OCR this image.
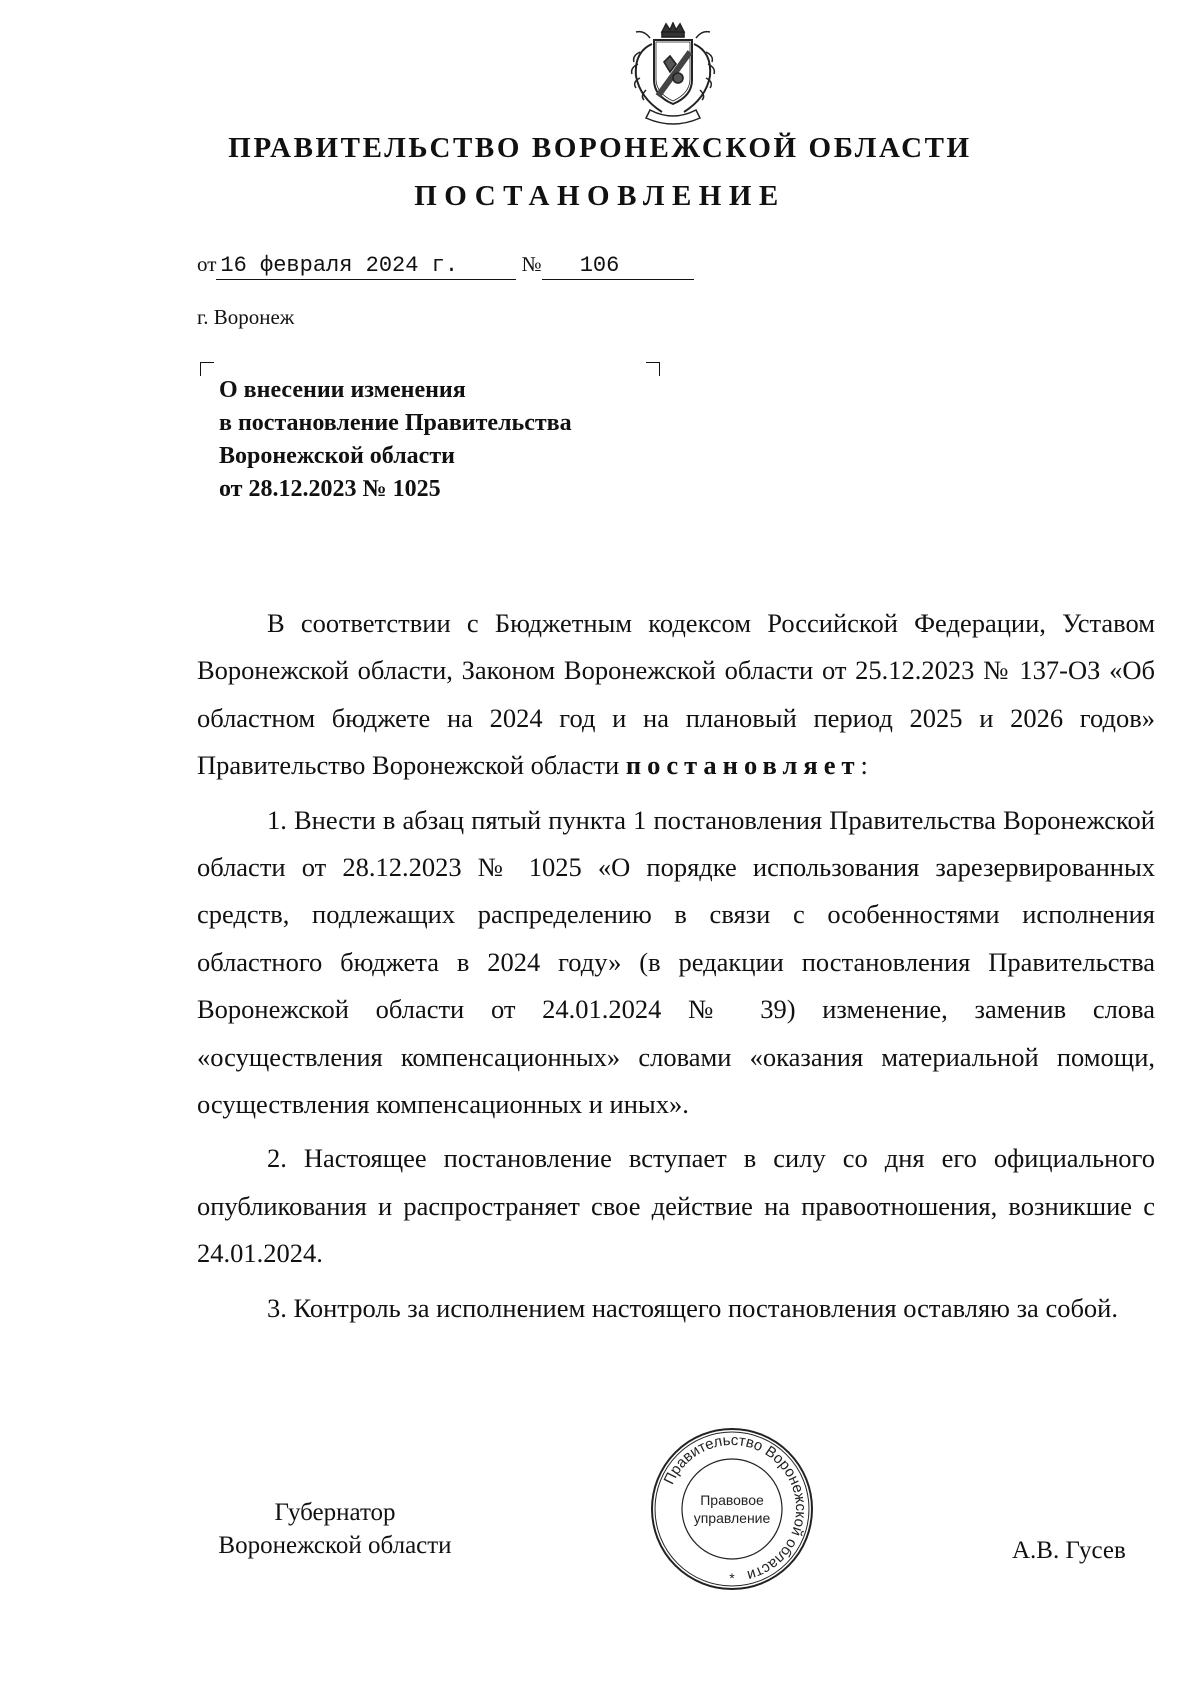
ПРАВИТЕЛЬСТВО ВОРОНЕЖСКОЙ ОБЛАСТИ
ПОСТАНОВЛЕНИЕ
от 16 февраля 2024 г.	№ 106
г. Воронеж
О внесении изменения
в постановление Правительства
Воронежской области
от 28.12.2023 № 1025

В соответствии с Бюджетным кодексом Российской Федерации, Уставом Воронежской области, Законом Воронежской области от 25.12.2023 № 137-ОЗ «Об областном бюджете на 2024 год и на плановый период 2025 и 2026 годов» Правительство Воронежской области постановляет:

1. Внести в абзац пятый пункта 1 постановления Правительства Воронежской области от 28.12.2023 № 1025 «О порядке использования зарезервированных средств, подлежащих распределению в связи с особенностями исполнения областного бюджета в 2024 году» (в редакции постановления Правительства Воронежской области от 24.01.2024 № 39) изменение, заменив слова «осуществления компенсационных» словами «оказания материальной помощи, осуществления компенсационных и иных».

2. Настоящее постановление вступает в силу со дня его официального опубликования и распространяет свое действие на правоотношения, возникшие с 24.01.2024.

3. Контроль за исполнением настоящего постановления оставляю за собой.

Губернатор
Воронежской области
Правительство Воронежской области
Правовое
управление
*
А.В. Гусев
